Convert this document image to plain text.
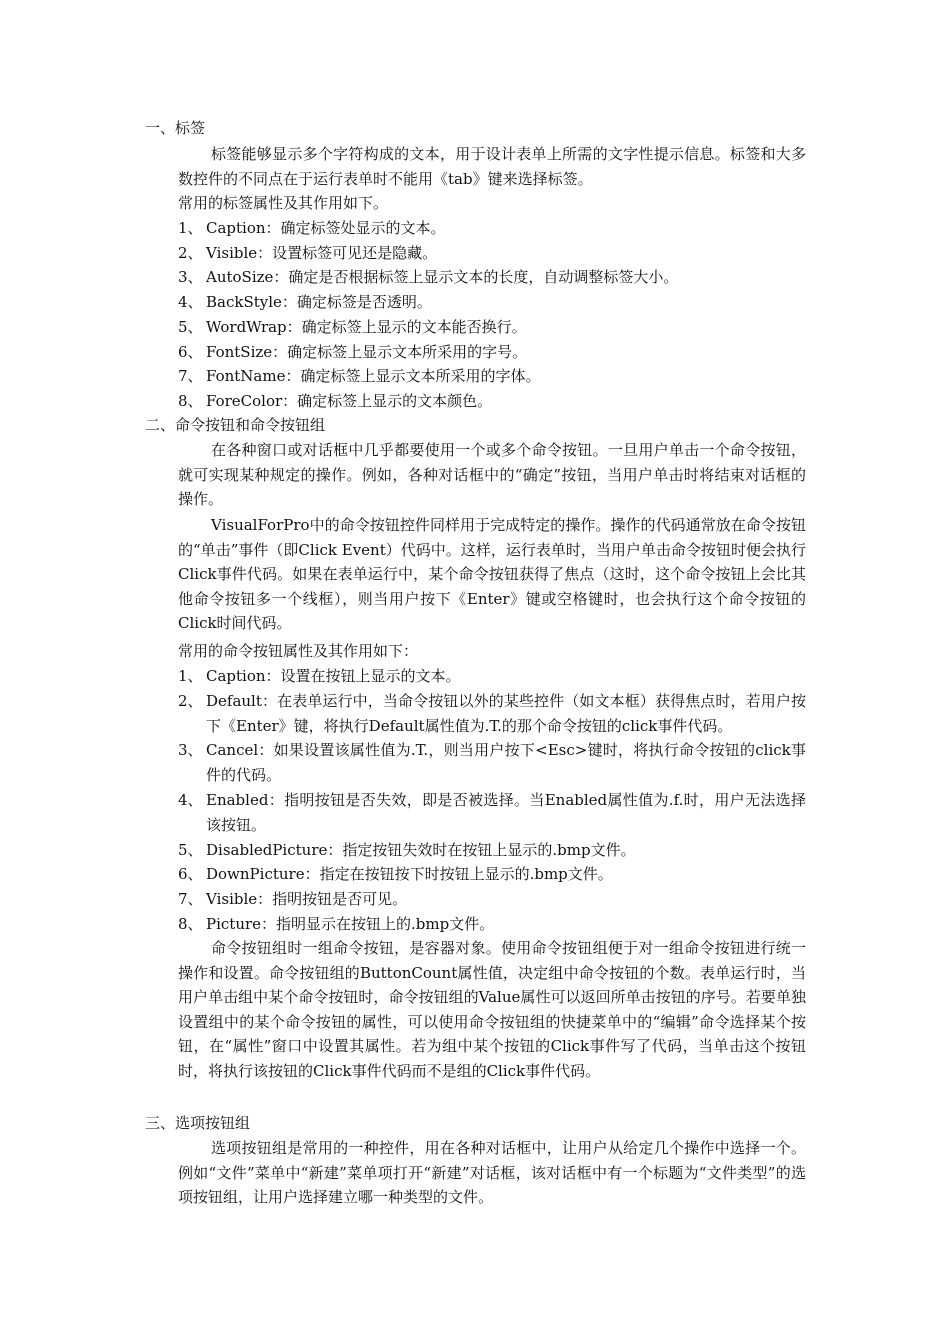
一、标签
标签能够显示多个字符构成的文本，用于设计表单上所需的文字性提示信息。标签和大多数控件的不同点在于运行表单时不能用《tab》键来选择标签。
常用的标签属性及其作用如下。
1、 Caption：确定标签处显示的文本。
2、 Visible：设置标签可见还是隐藏。
3、 AutoSize：确定是否根据标签上显示文本的长度，自动调整标签大小。
4、 BackStyle：确定标签是否透明。
5、 WordWrap：确定标签上显示的文本能否换行。
6、 FontSize：确定标签上显示文本所采用的字号。
7、 FontName：确定标签上显示文本所采用的字体。
8、 ForeColor：确定标签上显示的文本颜色。
二、命令按钮和命令按钮组
在各种窗口或对话框中几乎都要使用一个或多个命令按钮。一旦用户单击一个命令按钮，就可实现某种规定的操作。例如，各种对话框中的“确定”按钮，当用户单击时将结束对话框的操作。
VisualForPro中的命令按钮控件同样用于完成特定的操作。操作的代码通常放在命令按钮的“单击”事件（即Click Event）代码中。这样，运行表单时，当用户单击命令按钮时便会执行Click事件代码。如果在表单运行中，某个命令按钮获得了焦点（这时，这个命令按钮上会比其他命令按钮多一个线框），则当用户按下《Enter》键或空格键时，也会执行这个命令按钮的Click时间代码。
常用的命令按钮属性及其作用如下：
1、 Caption：设置在按钮上显示的文本。
2、 Default：在表单运行中，当命令按钮以外的某些控件（如文本框）获得焦点时，若用户按下《Enter》键，将执行Default属性值为.T.的那个命令按钮的click事件代码。
3、 Cancel：如果设置该属性值为.T.，则当用户按下<Esc>键时，将执行命令按钮的click事件的代码。
4、 Enabled：指明按钮是否失效，即是否被选择。当Enabled属性值为.f.时，用户无法选择该按钮。
5、 DisabledPicture：指定按钮失效时在按钮上显示的.bmp文件。
6、 DownPicture：指定在按钮按下时按钮上显示的.bmp文件。
7、 Visible：指明按钮是否可见。
8、 Picture：指明显示在按钮上的.bmp文件。
命令按钮组时一组命令按钮，是容器对象。使用命令按钮组便于对一组命令按钮进行统一操作和设置。命令按钮组的ButtonCount属性值，决定组中命令按钮的个数。表单运行时，当用户单击组中某个命令按钮时，命令按钮组的Value属性可以返回所单击按钮的序号。若要单独设置组中的某个命令按钮的属性，可以使用命令按钮组的快捷菜单中的“编辑”命令选择某个按钮，在“属性”窗口中设置其属性。若为组中某个按钮的Click事件写了代码，当单击这个按钮时，将执行该按钮的Click事件代码而不是组的Click事件代码。
三、选项按钮组
选项按钮组是常用的一种控件，用在各种对话框中，让用户从给定几个操作中选择一个。例如“文件”菜单中“新建”菜单项打开“新建”对话框，该对话框中有一个标题为“文件类型”的选项按钮组，让用户选择建立哪一种类型的文件。
